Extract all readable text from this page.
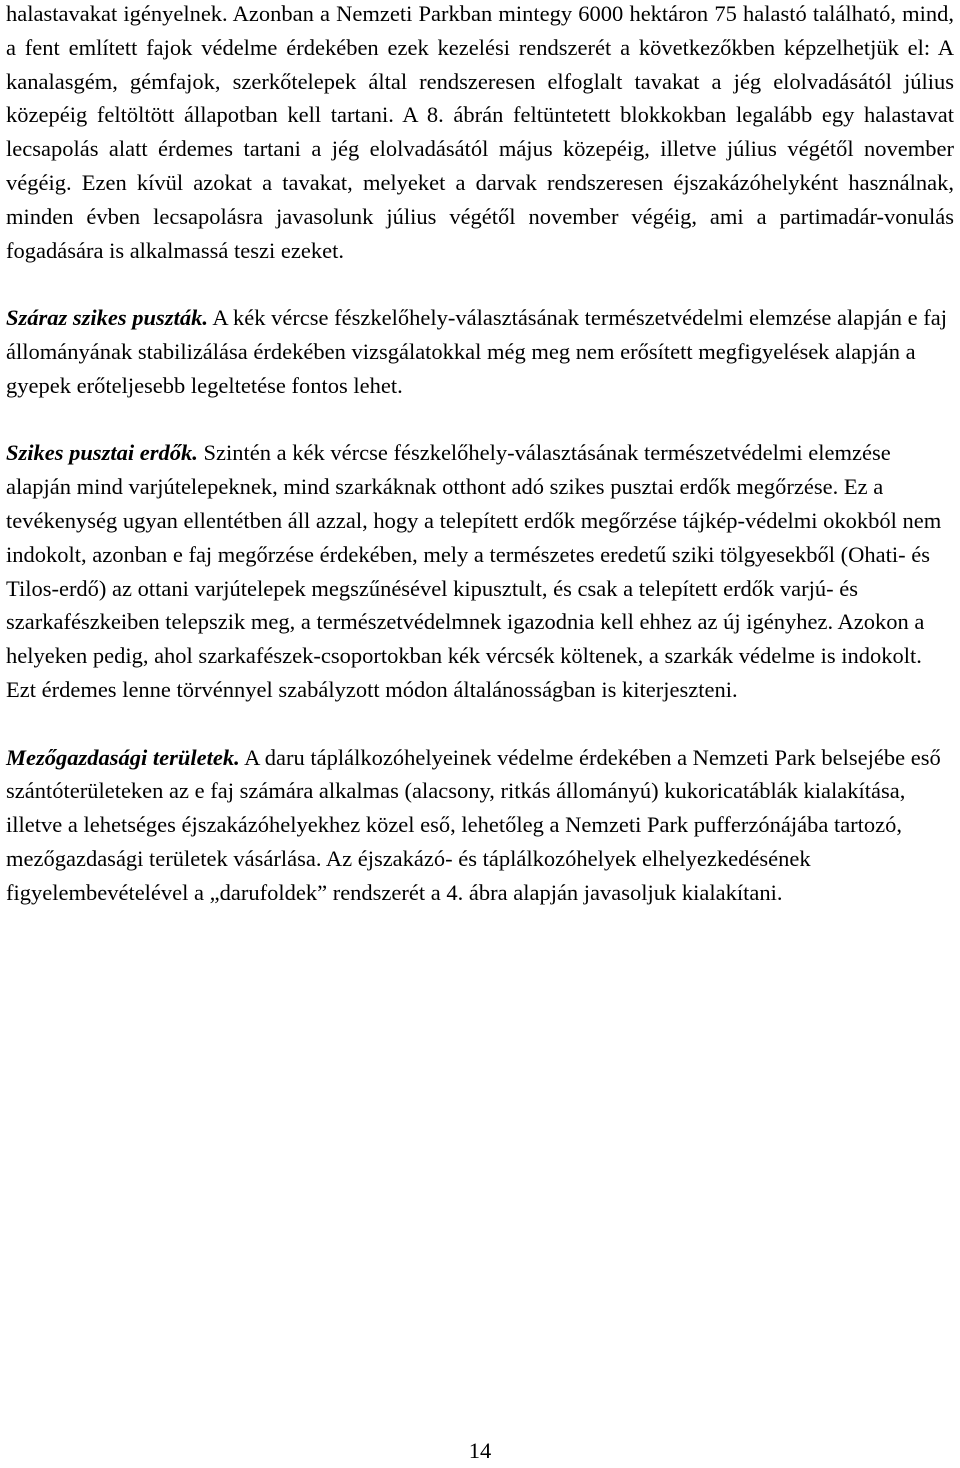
halastavakat igényelnek. Azonban a Nemzeti Parkban mintegy 6000 hektáron 75 halastó található, mind, a fent említett fajok védelme érdekében ezek kezelési rendszerét a következőkben képzelhetjük el: A kanalasgém, gémfajok, szerkőtelepek által rendszeresen elfoglalt tavakat a jég elolvadásától július közepéig feltöltött állapotban kell tartani. A 8. ábrán feltüntetett blokkokban legalább egy halastavat lecsapolás alatt érdemes tartani a jég elolvadásától május közepéig, illetve július végétől november végéig. Ezen kívül azokat a tavakat, melyeket a darvak rendszeresen éjszakázóhelyként használnak, minden évben lecsapolásra javasolunk július végétől november végéig, ami a partimadár-vonulás fogadására is alkalmassá teszi ezeket.

Száraz szikes puszták. A kék vércse fészkelőhely-választásának természetvédelmi elemzése alapján e faj állományának stabilizálása érdekében vizsgálatokkal még meg nem erősített megfigyelések alapján a gyepek erőteljesebb legeltetése fontos lehet.

Szikes pusztai erdők. Szintén a kék vércse fészkelőhely-választásának természetvédelmi elemzése alapján mind varjútelepeknek, mind szarkáknak otthont adó szikes pusztai erdők megőrzése. Ez a tevékenység ugyan ellentétben áll azzal, hogy a telepített erdők megőrzése tájkép-védelmi okokból nem indokolt, azonban e faj megőrzése érdekében, mely a természetes eredetű sziki tölgyesekből (Ohati- és Tilos-erdő) az ottani varjútelepek megszűnésével kipusztult, és csak a telepített erdők varjú- és szarkafészkeiben telepszik meg, a természetvédelmnek igazodnia kell ehhez az új igényhez. Azokon a helyeken pedig, ahol szarkafészek-csoportokban kék vércsék költenek, a szarkák védelme is indokolt. Ezt érdemes lenne törvénnyel szabályzott módon általánosságban is kiterjeszteni.

Mezőgazdasági területek. A daru táplálkozóhelyeinek védelme érdekében a Nemzeti Park belsejébe eső szántóterületeken az e faj számára alkalmas (alacsony, ritkás állományú) kukoricatáblák kialakítása, illetve a lehetséges éjszakázóhelyekhez közel eső, lehetőleg a Nemzeti Park pufferzónájába tartozó, mezőgazdasági területek vásárlása. Az éjszakázó- és táplálkozóhelyek elhelyezkedésének figyelembevételével a „darufoldek” rendszerét a 4. ábra alapján javasoljuk kialakítani.

14
